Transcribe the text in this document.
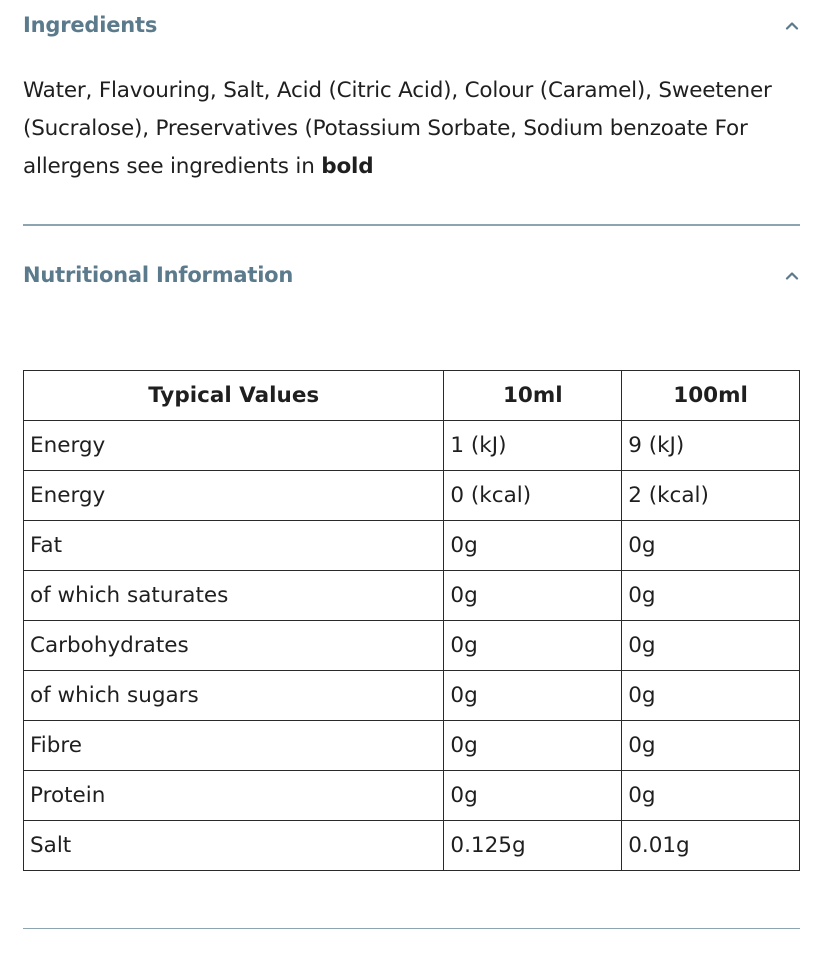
Ingredients
Water, Flavouring, Salt, Acid (Citric Acid), Colour (Caramel), Sweetener (Sucralose), Preservatives (Potassium Sorbate, Sodium benzoate For allergens see ingredients in bold
Nutritional Information
Typical Values	10ml	100ml
Energy	1 (kJ)	9 (kJ)
Energy	0 (kcal)	2 (kcal)
Fat	0g	0g
of which saturates	0g	0g
Carbohydrates	0g	0g
of which sugars	0g	0g
Fibre	0g	0g
Protein	0g	0g
Salt	0.125g	0.01g
